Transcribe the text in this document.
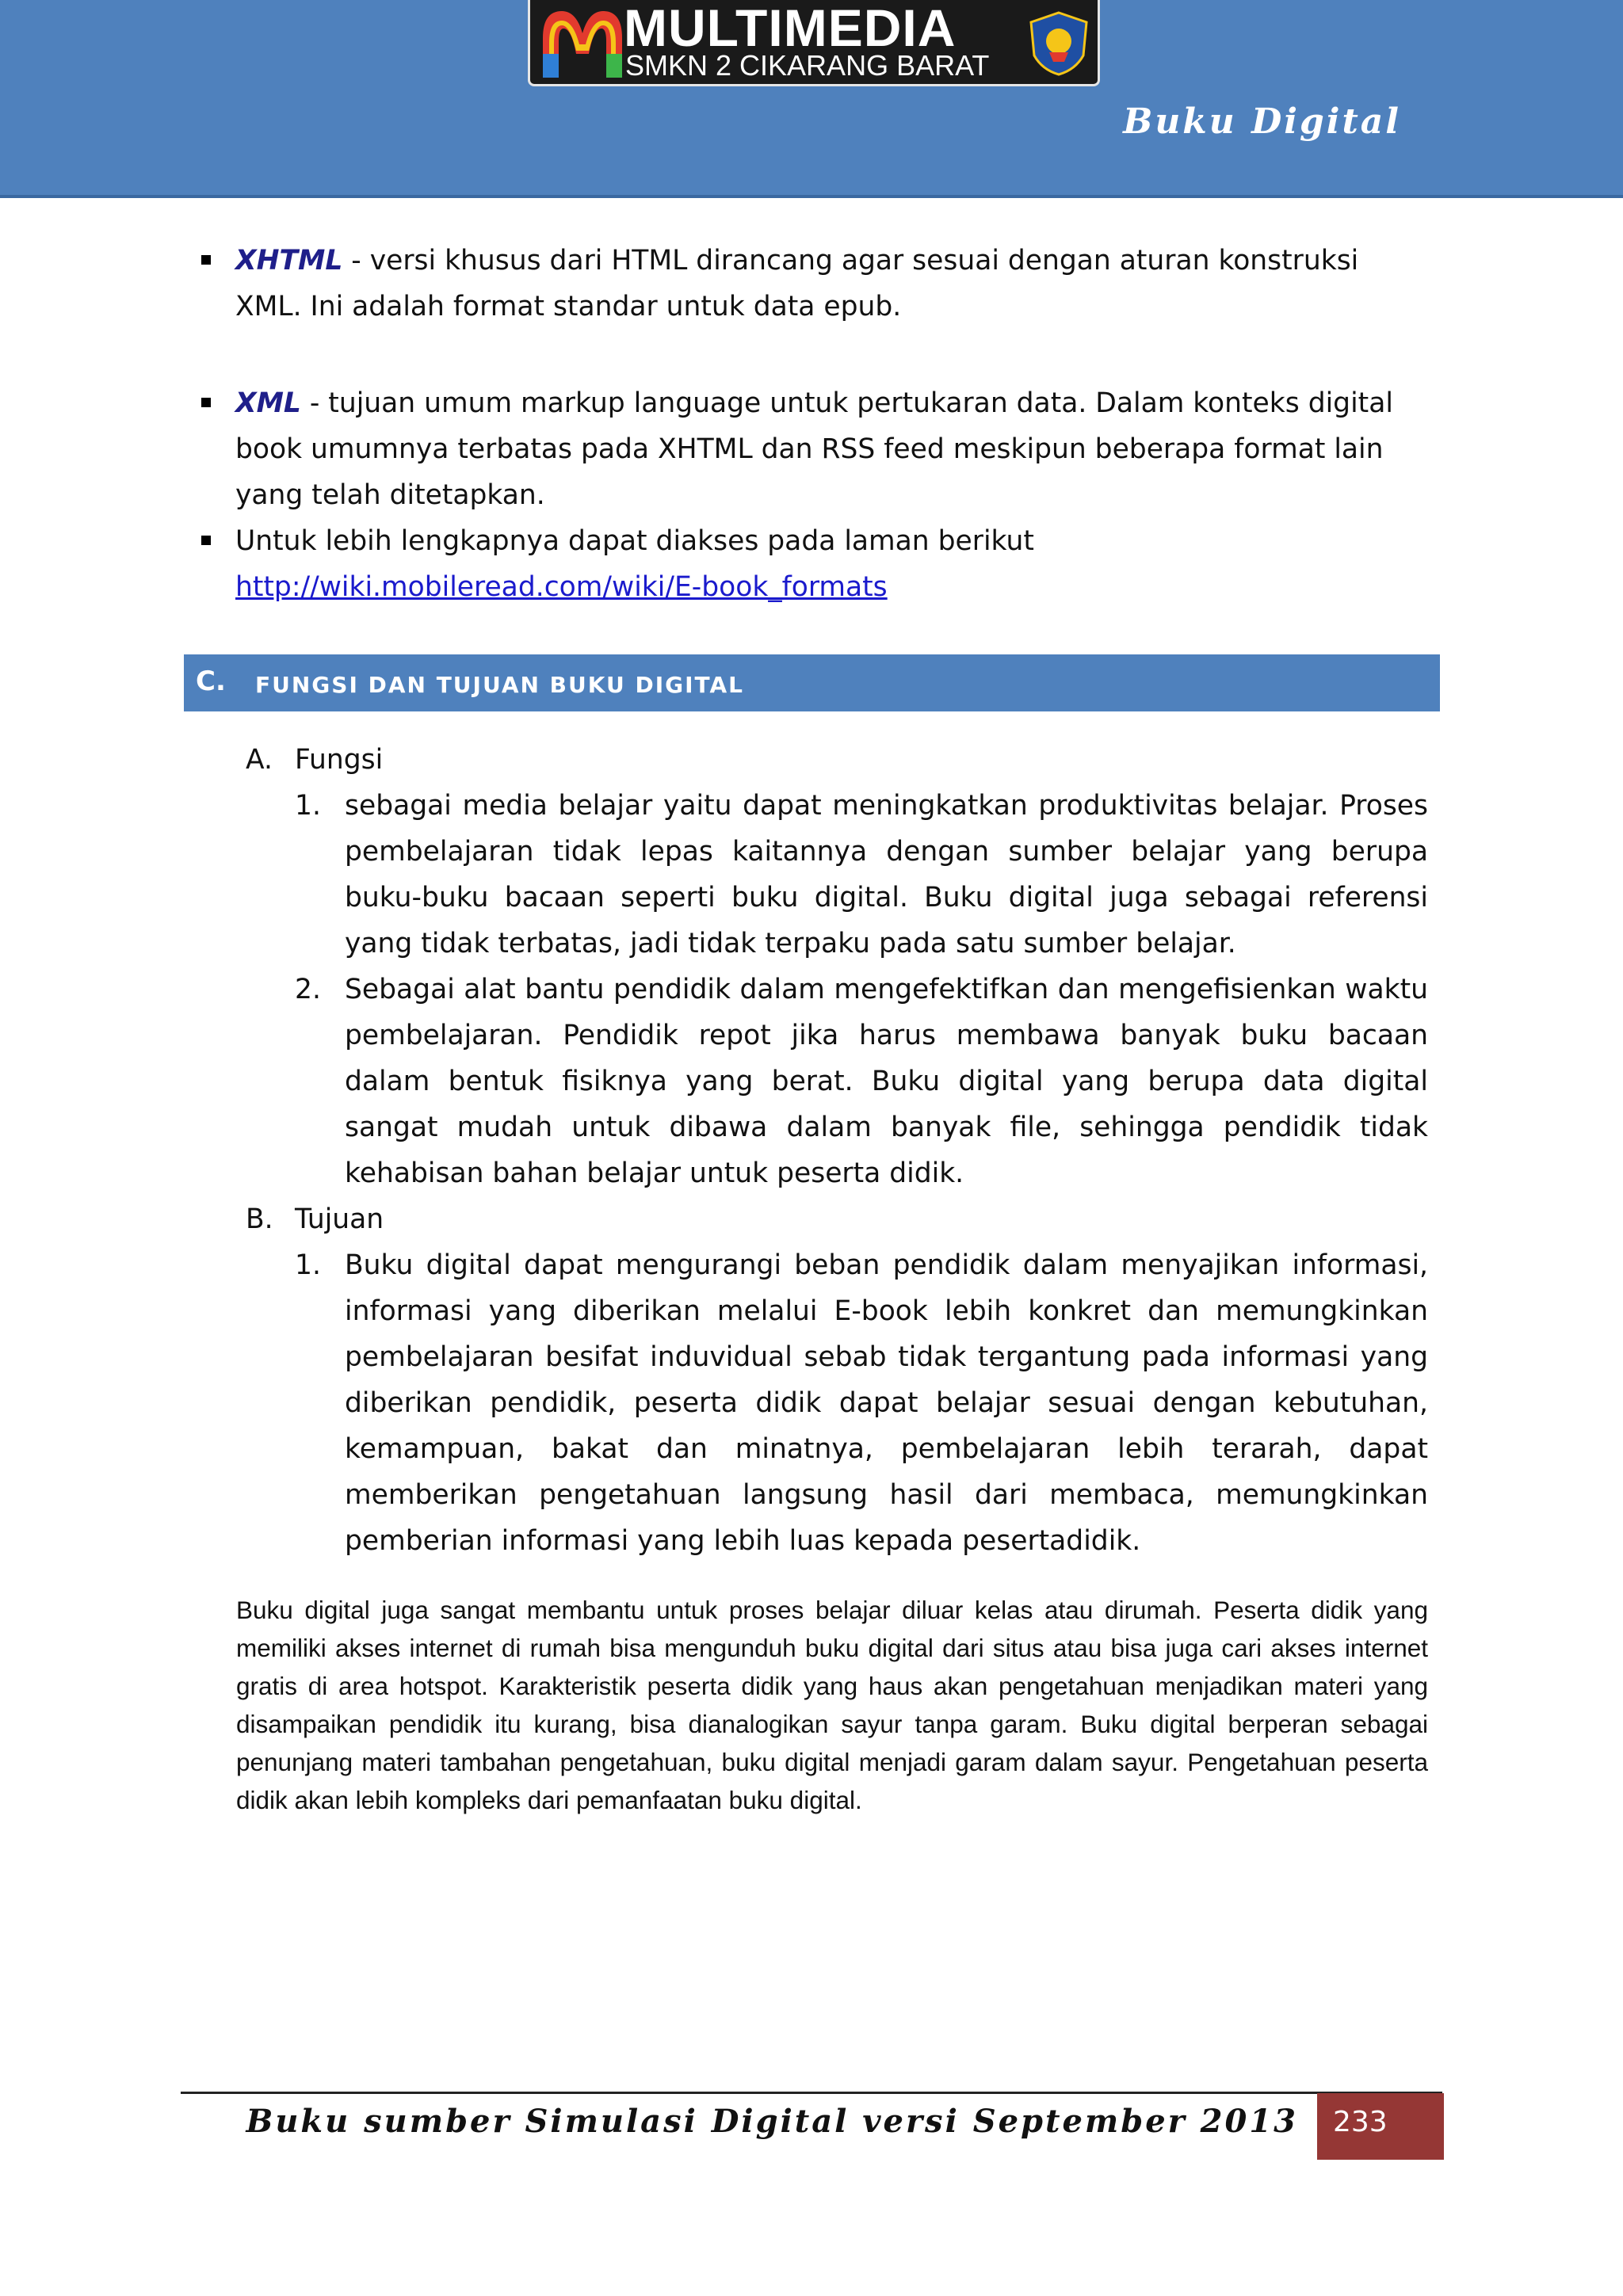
MULTIMEDIA
SMKN 2 CIKARANG BARAT
Buku Digital
XHTML - versi khusus dari HTML dirancang agar sesuai dengan aturan konstruksi XML. Ini adalah format standar untuk data epub.
XML - tujuan umum markup language untuk pertukaran data. Dalam konteks digital book umumnya terbatas pada XHTML dan RSS feed meskipun beberapa format lain yang telah ditetapkan.
Untuk lebih lengkapnya dapat diakses pada laman berikut
http://wiki.mobileread.com/wiki/E-book_formats
C. FUNGSI DAN TUJUAN BUKU DIGITAL
A. Fungsi
1. sebagai media belajar yaitu dapat meningkatkan produktivitas belajar. Proses pembelajaran tidak lepas kaitannya dengan sumber belajar yang berupa buku-buku bacaan seperti buku digital. Buku digital juga sebagai referensi yang tidak terbatas, jadi tidak terpaku pada satu sumber belajar.
2. Sebagai alat bantu pendidik dalam mengefektifkan dan mengefisienkan waktu pembelajaran. Pendidik repot jika harus membawa banyak buku bacaan dalam bentuk fisiknya yang berat. Buku digital yang berupa data digital sangat mudah untuk dibawa dalam banyak file, sehingga pendidik tidak kehabisan bahan belajar untuk peserta didik.
B. Tujuan
1. Buku digital dapat mengurangi beban pendidik dalam menyajikan informasi, informasi yang diberikan melalui E-book lebih konkret dan memungkinkan pembelajaran besifat induvidual sebab tidak tergantung pada informasi yang diberikan pendidik, peserta didik dapat belajar sesuai dengan kebutuhan, kemampuan, bakat dan minatnya, pembelajaran lebih terarah, dapat memberikan pengetahuan langsung hasil dari membaca, memungkinkan pemberian informasi yang lebih luas kepada pesertadidik.
Buku digital juga sangat membantu untuk proses belajar diluar kelas atau dirumah. Peserta didik yang memiliki akses internet di rumah bisa mengunduh buku digital dari situs atau bisa juga cari akses internet gratis di area hotspot. Karakteristik peserta didik yang haus akan pengetahuan menjadikan materi yang disampaikan pendidik itu kurang, bisa dianalogikan sayur tanpa garam. Buku digital berperan sebagai penunjang materi tambahan pengetahuan, buku digital menjadi garam dalam sayur. Pengetahuan peserta didik akan lebih kompleks dari pemanfaatan buku digital.
Buku sumber Simulasi Digital versi September 2013 233
